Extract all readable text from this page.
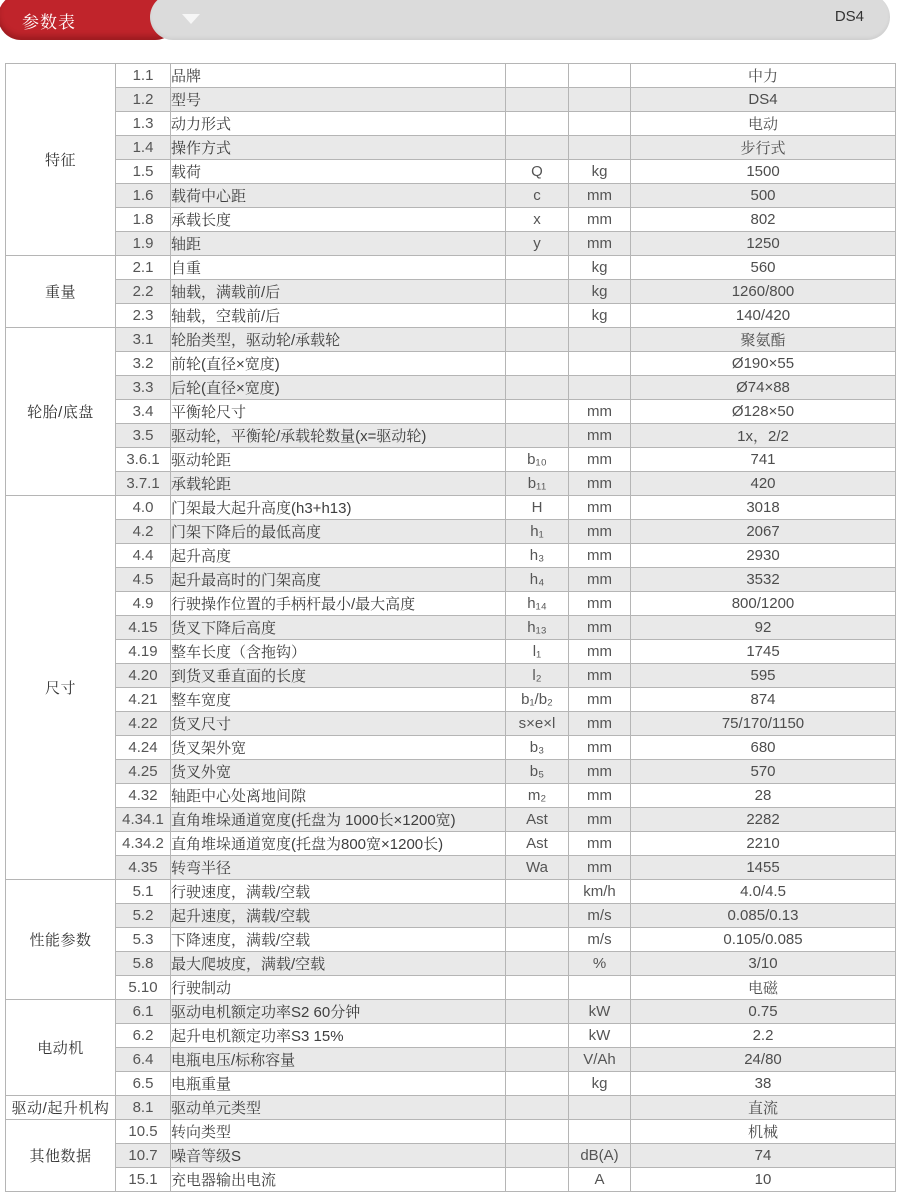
参数表	DS4
特征	1.1	品牌			中力
	1.2	型号			DS4
	1.3	动力形式			电动
	1.4	操作方式			步行式
	1.5	载荷	Q	kg	1500
	1.6	载荷中心距	c	mm	500
	1.8	承载长度	x	mm	802
	1.9	轴距	y	mm	1250
重量	2.1	自重		kg	560
	2.2	轴载，满载前/后		kg	1260/800
	2.3	轴载，空载前/后		kg	140/420
轮胎/底盘	3.1	轮胎类型，驱动轮/承载轮			聚氨酯
	3.2	前轮(直径×宽度)			Ø190×55
	3.3	后轮(直径×宽度)			Ø74×88
	3.4	平衡轮尺寸		mm	Ø128×50
	3.5	驱动轮，平衡轮/承载轮数量(x=驱动轮)		mm	1x，2/2
	3.6.1	驱动轮距	b₁₀	mm	741
	3.7.1	承载轮距	b₁₁	mm	420
尺寸	4.0	门架最大起升高度(h3+h13)	H	mm	3018
	4.2	门架下降后的最低高度	h₁	mm	2067
	4.4	起升高度	h₃	mm	2930
	4.5	起升最高时的门架高度	h₄	mm	3532
	4.9	行驶操作位置的手柄杆最小/最大高度	h₁₄	mm	800/1200
	4.15	货叉下降后高度	h₁₃	mm	92
	4.19	整车长度（含拖钩）	l₁	mm	1745
	4.20	到货叉垂直面的长度	l₂	mm	595
	4.21	整车宽度	b₁/b₂	mm	874
	4.22	货叉尺寸	s×e×l	mm	75/170/1150
	4.24	货叉架外宽	b₃	mm	680
	4.25	货叉外宽	b₅	mm	570
	4.32	轴距中心处离地间隙	m₂	mm	28
	4.34.1	直角堆垛通道宽度(托盘为 1000长×1200宽)	Ast	mm	2282
	4.34.2	直角堆垛通道宽度(托盘为800宽×1200长)	Ast	mm	2210
	4.35	转弯半径	Wa	mm	1455
性能参数	5.1	行驶速度，满载/空载		km/h	4.0/4.5
	5.2	起升速度，满载/空载		m/s	0.085/0.13
	5.3	下降速度，满载/空载		m/s	0.105/0.085
	5.8	最大爬坡度，满载/空载		%	3/10
	5.10	行驶制动			电磁
电动机	6.1	驱动电机额定功率S2 60分钟		kW	0.75
	6.2	起升电机额定功率S3 15%		kW	2.2
	6.4	电瓶电压/标称容量		V/Ah	24/80
	6.5	电瓶重量		kg	38
驱动/起升机构	8.1	驱动单元类型			直流
其他数据	10.5	转向类型			机械
	10.7	噪音等级S		dB(A)	74
	15.1	充电器输出电流		A	10
